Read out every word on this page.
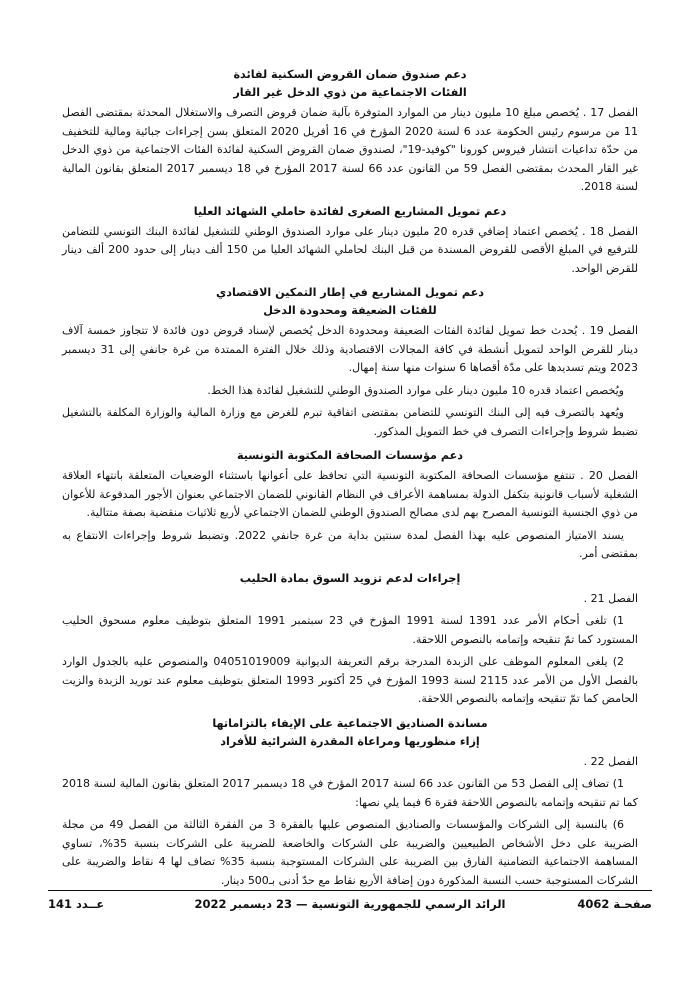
دعم صندوق ضمان القروض السكنية لفائدة
الفئات الاجتماعية من ذوي الدخل غير القار

الفصل 17 . يُخصص مبلغ 10 مليون دينار من الموارد المتوفرة بآلية ضمان قروض التصرف والاستغلال المحدثة بمقتضى الفصل 11 من مرسوم رئيس الحكومة عدد 6 لسنة 2020 المؤرخ في 16 أفريل 2020 المتعلق بسن إجراءات جبائية ومالية للتخفيف من حدّة تداعيات انتشار فيروس كورونا "كوفيد-19"، لصندوق ضمان القروض السكنية لفائدة الفئات الاجتماعية من ذوي الدخل غير القار المحدث بمقتضى الفصل 59 من القانون عدد 66 لسنة 2017 المؤرخ في 18 ديسمبر 2017 المتعلق بقانون المالية لسنة 2018.

دعم تمويل المشاريع الصغرى لفائدة حاملي الشهائد العليا

الفصل 18 . يُخصص اعتماد إضافي قدره 20 مليون دينار على موارد الصندوق الوطني للتشغيل لفائدة البنك التونسي للتضامن للترفيع في المبلغ الأقصى للقروض المسندة من قبل البنك لحاملي الشهائد العليا من 150 ألف دينار إلى حدود 200 ألف دينار للقرض الواحد.

دعم تمويل المشاريع في إطار التمكين الاقتصادي
للفئات الضعيفة ومحدودة الدخل

الفصل 19 . يُحدث خط تمويل لفائدة الفئات الضعيفة ومحدودة الدخل يُخصص لإسناد قروض دون فائدة لا تتجاوز خمسة آلاف دينار للقرض الواحد لتمويل أنشطة في كافة المجالات الاقتصادية وذلك خلال الفترة الممتدة من غرة جانفي إلى 31 ديسمبر 2023 ويتم تسديدها على مدّة أقصاها 6 سنوات منها سنة إمهال.

ويُخصص اعتماد قدره 10 مليون دينار على موارد الصندوق الوطني للتشغيل لفائدة هذا الخط.

ويُعهد بالتصرف فيه إلى البنك التونسي للتضامن بمقتضى اتفاقية تبرم للغرض مع وزارة المالية والوزارة المكلفة بالتشغيل تضبط شروط وإجراءات التصرف في خط التمويل المذكور.

دعم مؤسسات الصحافة المكتوبة التونسية

الفصل 20 . تنتفع مؤسسات الصحافة المكتوبة التونسية التي تحافظ على أعوانها باستثناء الوضعيات المتعلقة بانتهاء العلاقة الشغلية لأسباب قانونية بتكفل الدولة بمساهمة الأعراف في النظام القانوني للضمان الاجتماعي بعنوان الأجور المدفوعة للأعوان من ذوي الجنسية التونسية المصرح بهم لدى مصالح الصندوق الوطني للضمان الاجتماعي لأربع ثلاثيات منقضية بصفة متتالية.

يسند الامتياز المنصوص عليه بهذا الفصل لمدة سنتين بداية من غرة جانفي 2022. وتضبط شروط وإجراءات الانتفاع به بمقتضى أمر.

إجراءات لدعم تزويد السوق بمادة الحليب

الفصل 21 .

1) تلغى أحكام الأمر عدد 1391 لسنة 1991 المؤرخ في 23 سبتمبر 1991 المتعلق بتوظيف معلوم مسحوق الحليب المستورد كما تمّ تنقيحه وإتمامه بالنصوص اللاحقة.

2) يلغى المعلوم الموظف على الزبدة المدرجة برقم التعريفة الديوانية 04051019009 والمنصوص عليه بالجدول الوارد بالفصل الأول من الأمر عدد 2115 لسنة 1993 المؤرخ في 25 أكتوبر 1993 المتعلق بتوظيف معلوم عند توريد الزبدة والزيت الحامض كما تمّ تنقيحه وإتمامه بالنصوص اللاحقة.

مساندة الصناديق الاجتماعية على الإيفاء بالتزاماتها
إزاء منظوريها ومراعاة المقدرة الشرائية للأفراد

الفصل 22 .

1) تضاف إلى الفصل 53 من القانون عدد 66 لسنة 2017 المؤرخ في 18 ديسمبر 2017 المتعلق بقانون المالية لسنة 2018 كما تم تنقيحه وإتمامه بالنصوص اللاحقة فقرة 6 فيما يلي نصها:

6) بالنسبة إلى الشركات والمؤسسات والصناديق المنصوص عليها بالفقرة 3 من الفقرة الثالثة من الفصل 49 من مجلة الضريبة على دخل الأشخاص الطبيعيين والضريبة على الشركات والخاضعة للضريبة على الشركات بنسبة 35%، تساوي المساهمة الاجتماعية التضامنية الفارق بين الضريبة على الشركات المستوجبة بنسبة 35% تضاف لها 4 نقاط والضريبة على الشركات المستوجبة حسب النسبة المذكورة دون إضافة الأربع نقاط مع حدّ أدنى بـ500 دينار.

صفحـة 4062
الرائد الرسمي للجمهورية التونسية — 23 ديسمبر 2022
عــدد 141
